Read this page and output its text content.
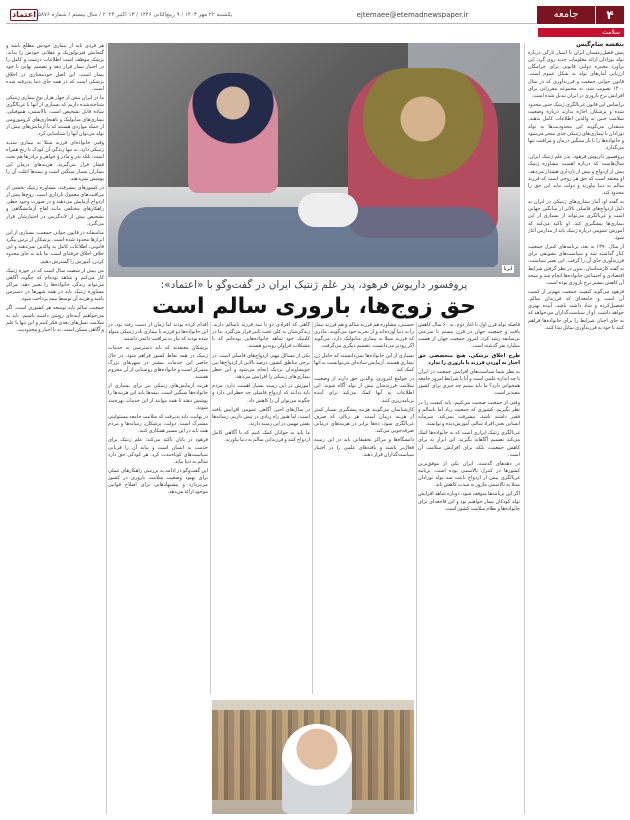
۴
جامعه
ejtemaee@etemadnewspaper.ir
یکشنبه ۲۲ مهر ۱۴۰۳ / ۹ ربیع‌الثانی ۱۴۴۶ / ۱۳ اکتبر ۲۰۲۴ / سال بیستم / شماره ۵۸۷۶
اعتماد
سلامت
بنفشه سام‌گیس

پیش فصل‌زمستان ایران با آسیار تازگی درباره تولد نوزادان ارائه معلومات جدید روی گرد. این برآورد معتبره دولتی قانونی برای خرامگان ارزیابی آمارهای تولد به شکل عموم است. قانون جوانی جمعیت و فرزندآوری که در سال ۱۴۰۰ تصویب شد، به مجموعه مقرراتی برای افزایش نرخ باروری در ایران تبدیل شده است.

براساس این قانون غربالگری ژنتیک جنین محدود شده و پزشکان اجازه ندارند درباره وضعیت سلامت جنین به والدین اطلاعات کامل بدهند. منتقدان می‌گویند این محدودیت‌ها به تولد نوزادان با بیماری‌های ژنتیکی جدی منجر می‌شود و خانواده‌ها را با بار سنگین درمان و مراقبت تنها می‌گذارد.

پروفسور داریوش فرهود، پدر علم ژنتیک ایران، سال‌هاست که درباره اهمیت مشاوره ژنتیک پیش از ازدواج و پیش از بارداری هشدار می‌دهد. او معتقد است که حق هر زوجی است که فرزند سالم به دنیا بیاورند و دولت نباید این حق را محدود کند.

به گفته او، آمار بیماری‌های ژنتیکی در ایران به دلیل ازدواج‌های فامیلی بالاتر از میانگین جهانی است و غربالگری می‌تواند از بسیاری از این بیماری‌ها پیشگیری کند. او تاکید می‌کند که آموزش عمومی درباره ژنتیک باید از مدارس آغاز شود.

از سال ۱۳۹۰ به بعد، برنامه‌های کنترل جمعیت کنار گذاشته شد و سیاست‌های تشویقی برای فرزندآوری جای آن را گرفت. این تغییر سیاست، به گفته کارشناسان، بدون در نظر گرفتن شرایط اقتصادی و اجتماعی خانواده‌ها انجام شد و نتیجه آن کاهش بیشتر نرخ باروری بوده است.

فرهود می‌گوید کیفیت جمعیت مهم‌تر از کمیت آن است و جامعه‌ای که فرزندان سالم، تحصیل‌کرده و شاد داشته باشد، آینده بهتری خواهد داشت. او از سیاست‌گذاران می‌خواهد که به جای اجبار، شرایط را برای خانواده‌ها فراهم کنند تا خود به فرزندآوری تمایل پیدا کنند.

ایرنا

هر فردی باید از بیماری خودش مطلع باشد و گنجایش فیزیولوژیک و عقلانی خودش را بداند. پزشک موظف است اطلاعات درست و کامل را در اختیار بیمار قرار دهد و تصمیم نهایی با خود بیمار است. این اصل خودمختاری در اخلاق پزشکی است که در همه جای دنیا پذیرفته شده است.

ما در ایران بیش از چهار هزار نوع بیماری ژنتیکی شناخته‌شده داریم که بسیاری از آنها با غربالگری ساده قابل تشخیص است. تالاسمی، هموفیلی، بیماری‌های متابولیک و ناهنجاری‌های کروموزومی از جمله مواردی هستند که با آزمایش‌های پیش از تولد می‌توان آنها را شناسایی کرد.

وقتی خانواده‌ای فرزند مبتلا به بیماری شدید ژنتیکی دارد، نه تنها زندگی آن کودک با رنج همراه است، بلکه پدر و مادر و خواهر و برادرها هم تحت فشار قرار می‌گیرند. هزینه‌های درمان این بیماران بسیار سنگین است و بیمه‌ها اغلب آن را پوشش نمی‌دهند.

در کشورهای پیشرفته، مشاوره ژنتیک بخشی از مراقبت‌های معمول بارداری است. زوج‌ها پیش از ازدواج آزمایش می‌دهند و در صورت وجود خطر، راهکارهای مختلفی مانند لقاح آزمایشگاهی و تشخیص پیش از لانه‌گزینی در اختیارشان قرار می‌گیرد.

متاسفانه در قانون جوانی جمعیت، بسیاری از این ابزارها محدود شده است. پزشکان از ترس پیگرد قانونی، اطلاعات کامل به والدین نمی‌دهند و این خلاف اخلاق حرفه‌ای است. ما باید به جای محدود کردن، آموزش را گسترش دهیم.

من بیش از شصت سال است که در حوزه ژنتیک کار می‌کنم و شاهد بوده‌ام که چگونه آگاهی می‌تواند زندگی خانواده‌ها را تغییر دهد. مراکز مشاوره ژنتیک باید در همه شهرها در دسترس باشد و هزینه آن توسط بیمه پرداخت شود.

جمعیت سالم پایه توسعه هر کشوری است. اگر می‌خواهیم آینده‌ای روشن داشته باشیم، باید به سلامت نسل‌های بعدی فکر کنیم و این تنها با علم و آگاهی ممکن است، نه با اجبار و محدودیت.

پروفسور داریوش فرهود، پدر علم ژنتیک ایران در گفت‌وگو با «اعتماد»:
حق زوج‌ها، باروری سالم است

فاصله تولد قرن اول تا آغاز دوم، به ۶۰ سال کاهش یافت و جمعیت جهان در قرن بیستم با سرعتی بی‌سابقه رشد کرد. امروز جمعیت جهان از هشت میلیارد نفر گذشته است.

طرح اخلاق پزشکی، هیچ متخصصی حق اجبار به آوردن فرزند یا باروری را ندارد

به نظر شما سیاست‌های افزایش جمعیت در ایران تا چه اندازه علمی است و آیا با شرایط امروز جامعه همخوانی دارد؟ ما باید ببینیم چه چیزی برای کشور مفیدتر است.

وقتی از جمعیت صحبت می‌کنیم، باید کیفیت را در نظر بگیریم. کشوری که جمعیت زیاد اما ناسالم و فقیر داشته باشد، پیشرفت نمی‌کند. سرمایه انسانی یعنی افراد سالم، آموزش‌دیده و توانمند.

غربالگری ژنتیک ابزاری است که به خانواده‌ها کمک می‌کند تصمیم آگاهانه بگیرند. این ابزار نه برای کاهش جمعیت، بلکه برای افزایش سلامت آن است.

در دهه‌های گذشته، ایران یکی از موفق‌ترین کشورها در کنترل تالاسمی بوده است. برنامه غربالگری پیش از ازدواج باعث شد تولد نوزادان مبتلا به تالاسمی ماژور به شدت کاهش یابد.

اگر این برنامه‌ها متوقف شود، دوباره شاهد افزایش تولد کودکان بیمار خواهیم بود و این فاجعه‌ای برای خانواده‌ها و نظام سلامت کشور است.

حسینی، مشاوره هم فرزند سالم و هم فرزند بیمار را به دنیا آورده‌اند و از تجربه خود می‌گویند. مادری که فرزند مبتلا به بیماری متابولیک دارد، می‌گوید اگر زودتر می‌دانست، تصمیم دیگری می‌گرفت.

بسیاری از این خانواده‌ها نمی‌دانستند که حامل ژن بیماری هستند. آزمایش ساده‌ای می‌توانست به آنها کمک کند.

در جوامع امروزی، والدین حق دارند از وضعیت سلامت فرزندشان پیش از تولد آگاه شوند. این اطلاعات به آنها کمک می‌کند برای آینده برنامه‌ریزی کنند.

کارشناسان می‌گویند هزینه پیشگیری بسیار کمتر از هزینه درمان است. هر ریالی که صرف غربالگری شود، ده‌ها برابر در هزینه‌های درمانی صرفه‌جویی می‌کند.

دانشگاه‌ها و مراکز تحقیقاتی باید در این زمینه فعال‌تر باشند و یافته‌های علمی را در اختیار سیاست‌گذاران قرار دهند.

گاهی که افرادی دو یا سه فرزند ناسالم دارند، زندگی‌شان به کلی تحت تاثیر قرار می‌گیرد. ما در کلینیک خود شاهد خانواده‌هایی بوده‌ایم که با مشکلات فراوان روبه‌رو هستند.

یکی از مسائل مهم، ازدواج‌های فامیلی است. در برخی مناطق کشور، درصد بالایی از ازدواج‌ها بین خویشاوندان نزدیک انجام می‌شود و این خطر بیماری‌های ژنتیکی را افزایش می‌دهد.

آموزش در این زمینه بسیار اهمیت دارد. مردم باید بدانند که ازدواج فامیلی چه خطراتی دارد و چگونه می‌توان آن را کاهش داد.

در سال‌های اخیر، آگاهی عمومی افزایش یافته است، اما هنوز راه زیادی در پیش داریم. رسانه‌ها نقش مهمی در این زمینه دارند.

ما باید به جوانان کمک کنیم که با آگاهی کامل ازدواج کنند و فرزندانی سالم به دنیا بیاورند.

اقدام کرده بودند اما زمان از دست رفته بود. در این خانواده‌ها دو فرزند با بیماری نادر ژنتیکی متولد شده بودند که نیاز به مراقبت دائمی داشتند.

پزشکان معتقدند که باید دسترسی به خدمات ژنتیک در همه نقاط کشور فراهم شود. در حال حاضر این خدمات بیشتر در شهرهای بزرگ متمرکز است و خانواده‌های روستایی از آن محروم هستند.

هزینه آزمایش‌های ژنتیکی نیز برای بسیاری از خانواده‌ها سنگین است. بیمه‌ها باید این هزینه‌ها را پوشش دهند تا همه بتوانند از این خدمات بهره‌مند شوند.

در نهایت، باید پذیرفت که سلامت جامعه مسئولیتی مشترک است. دولت، پزشکان، رسانه‌ها و مردم همه باید در این مسیر همکاری کنند.

فرهود در پایان تاکید می‌کند: علم ژنتیک برای خدمت به انسان است و نباید آن را قربانی سیاست‌های کوتاه‌مدت کرد. هر کودکی حق دارد سالم به دنیا بیاید.

این گفت‌وگو در ادامه به بررسی راهکارهای عملی برای بهبود وضعیت سلامت باروری در کشور می‌پردازد و پیشنهادهایی برای اصلاح قوانین موجود ارائه می‌دهد.
